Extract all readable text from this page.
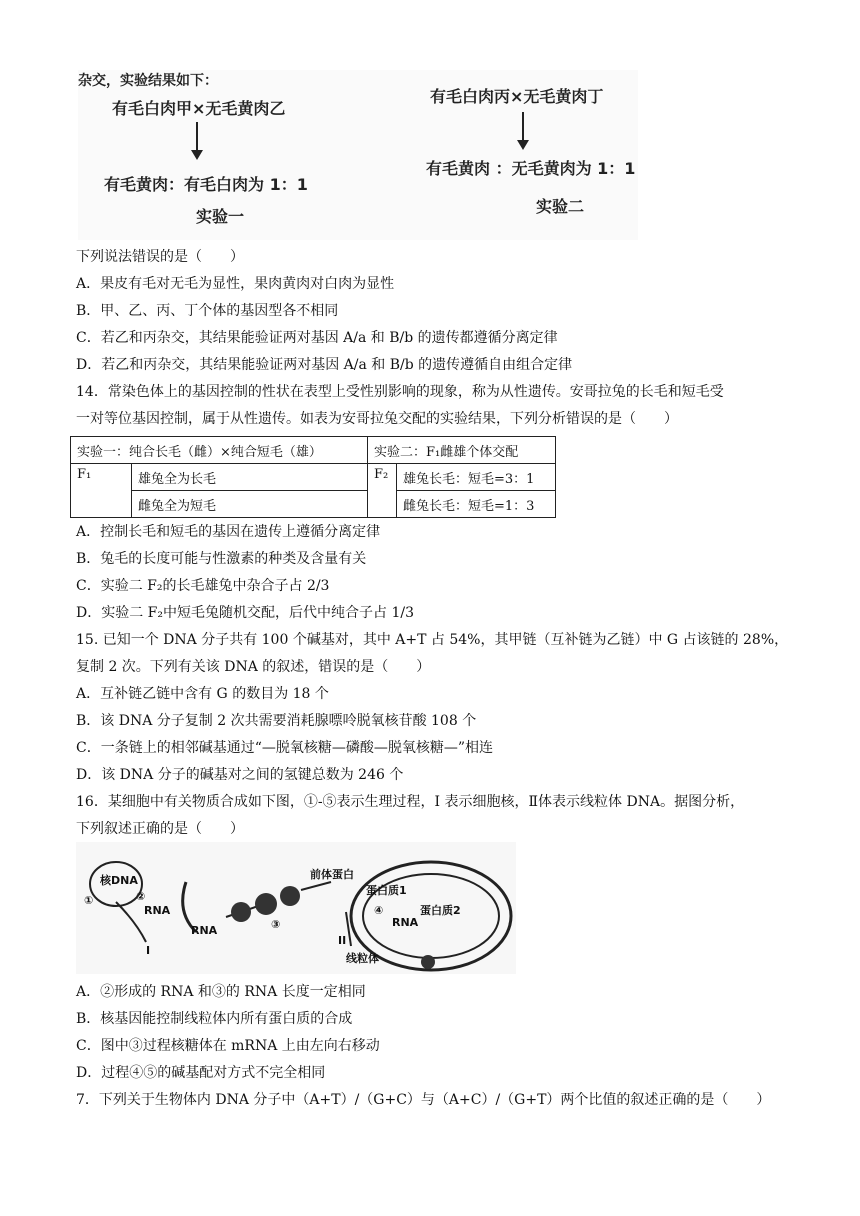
杂交，实验结果如下：
有毛白肉甲×无毛黄肉乙
有毛黄肉：有毛白肉为 1：1
实验一
有毛白肉丙×无毛黄肉丁
有毛黄肉 ：无毛黄肉为 1：1
实验二
下列说法错误的是（　　）
A．果皮有毛对无毛为显性，果肉黄肉对白肉为显性
B．甲、乙、丙、丁个体的基因型各不相同
C．若乙和丙杂交，其结果能验证两对基因 A/a 和 B/b 的遗传都遵循分离定律
D．若乙和丙杂交，其结果能验证两对基因 A/a 和 B/b 的遗传遵循自由组合定律
14．常染色体上的基因控制的性状在表型上受性别影响的现象，称为从性遗传。安哥拉兔的长毛和短毛受
一对等位基因控制，属于从性遗传。如表为安哥拉兔交配的实验结果，下列分析错误的是（　　）
实验一：纯合长毛（雌）×纯合短毛（雄）		实验二：F₁雌雄个体交配	
F₁	雄兔全为长毛	F₂	雄兔长毛：短毛=3：1
	雌兔全为短毛		雌兔长毛：短毛=1：3
A．控制长毛和短毛的基因在遗传上遵循分离定律
B．兔毛的长度可能与性激素的种类及含量有关
C．实验二 F₂的长毛雄兔中杂合子占 2/3
D．实验二 F₂中短毛兔随机交配，后代中纯合子占 1/3
15. 已知一个 DNA 分子共有 100 个碱基对，其中 A+T 占 54%，其甲链（互补链为乙链）中 G 占该链的 28%，
复制 2 次。下列有关该 DNA 的叙述，错误的是（　　）
A．互补链乙链中含有 G 的数目为 18 个
B．该 DNA 分子复制 2 次共需要消耗腺嘌呤脱氧核苷酸 108 个
C．一条链上的相邻碱基通过“—脱氧核糖—磷酸—脱氧核糖—”相连
D．该 DNA 分子的碱基对之间的氢键总数为 246 个
16．某细胞中有关物质合成如下图，①-⑤表示生理过程，I 表示细胞核，Ⅱ体表示线粒体 DNA。据图分析，
下列叙述正确的是（　　）
核DNA
①	②
RNA
RNA	③
I
前体蛋白
蛋白质1
蛋白质2
④
RNA
II
线粒体
A．②形成的 RNA 和③的 RNA 长度一定相同
B．核基因能控制线粒体内所有蛋白质的合成
C．图中③过程核糖体在 mRNA 上由左向右移动
D．过程④⑤的碱基配对方式不完全相同
7．下列关于生物体内 DNA 分子中（A+T）/（G+C）与（A+C）/（G+T）两个比值的叙述正确的是（　　）
